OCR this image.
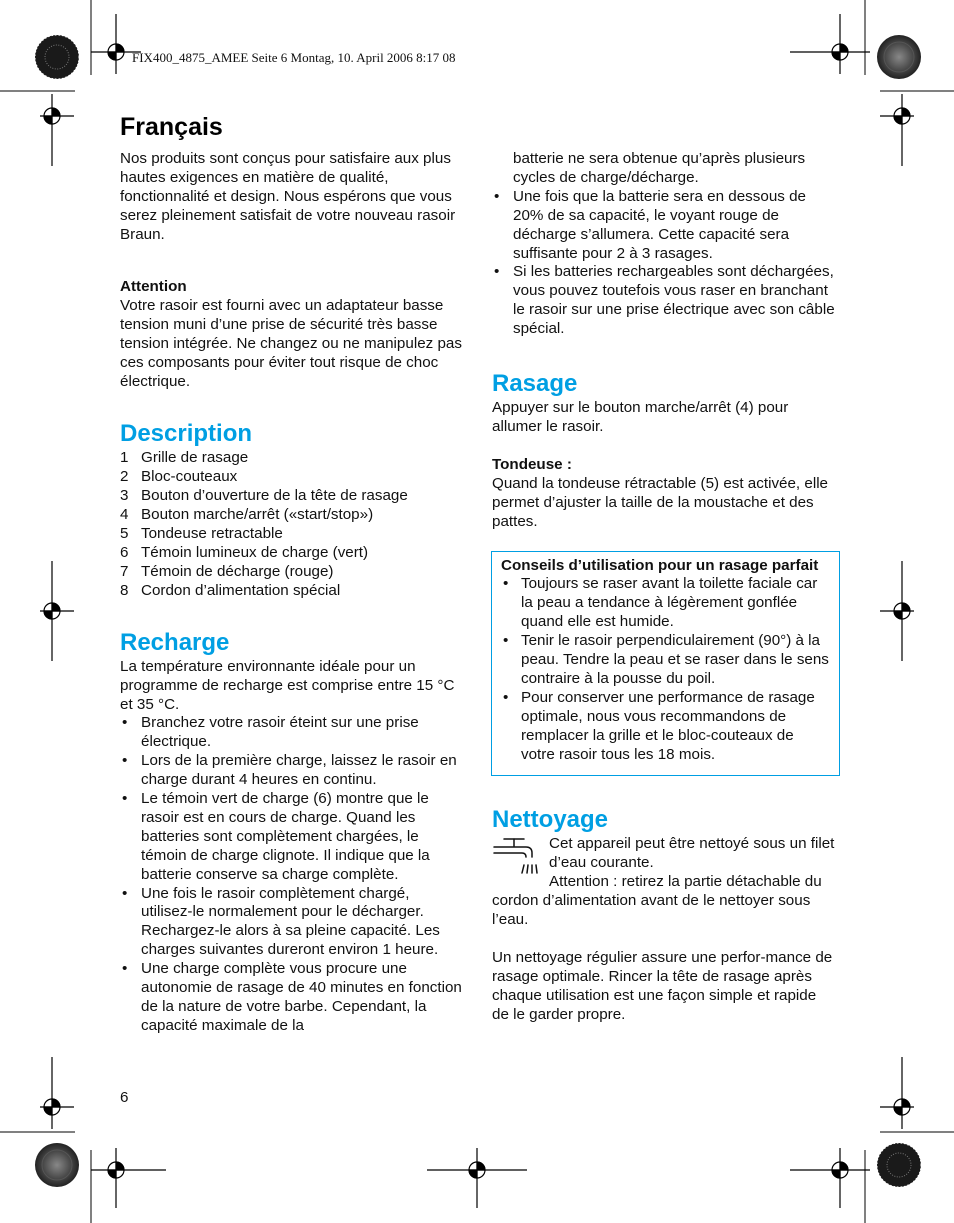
FIX400_4875_AMEE Seite 6 Montag, 10. April 2006 8:17 08
Français

Nos produits sont conçus pour satisfaire aux plus hautes exigences en matière de qualité, fonctionnalité et design. Nous espérons que vous serez pleinement satisfait de votre nouveau rasoir Braun.

Attention

Votre rasoir est fourni avec un adaptateur basse tension muni d’une prise de sécurité très basse tension intégrée. Ne changez ou ne manipulez pas ces composants pour éviter tout risque de choc électrique.

Description
1 Grille de rasage
2 Bloc-couteaux
3 Bouton d’ouverture de la tête de rasage
4 Bouton marche/arrêt («start/stop»)
5 Tondeuse retractable
6 Témoin lumineux de charge (vert)
7 Témoin de décharge (rouge)
8 Cordon d’alimentation spécial
Recharge

La température environnante idéale pour un programme de recharge est comprise entre 15 °C et 35 °C.

• Branchez votre rasoir éteint sur une prise électrique.
• Lors de la première charge, laissez le rasoir en charge durant 4 heures en continu.
• Le témoin vert de charge (6) montre que le rasoir est en cours de charge. Quand les batteries sont complètement chargées, le témoin de charge clignote. Il indique que la batterie conserve sa charge complète.
• Une fois le rasoir complètement chargé, utilisez-le normalement pour le décharger. Rechargez-le alors à sa pleine capacité. Les charges suivantes dureront environ 1 heure.
• Une charge complète vous procure une autonomie de rasage de 40 minutes en fonction de la nature de votre barbe. Cependant, la capacité maximale de la

batterie ne sera obtenue qu’après plusieurs cycles de charge/décharge.

• Une fois que la batterie sera en dessous de 20% de sa capacité, le voyant rouge de décharge s’allumera. Cette capacité sera suffisante pour 2 à 3 rasages.
• Si les batteries rechargeables sont déchargées, vous pouvez toutefois vous raser en branchant le rasoir sur une prise électrique avec son câble spécial.
Rasage

Appuyer sur le bouton marche/arrêt (4) pour allumer le rasoir.

Tondeuse :

Quand la tondeuse rétractable (5) est activée, elle permet d’ajuster la taille de la moustache et des pattes.

Conseils d’utilisation pour un rasage parfait

• Toujours se raser avant la toilette faciale car la peau a tendance à légèrement gonflée quand elle est humide.
• Tenir le rasoir perpendiculairement (90°) à la peau. Tendre la peau et se raser dans le sens contraire à la pousse du poil.
• Pour conserver une performance de rasage optimale, nous vous recommandons de remplacer la grille et le bloc-couteaux de votre rasoir tous les 18 mois.
Nettoyage

Cet appareil peut être nettoyé sous un filet d’eau courante.

Attention : retirez la partie détachable du cordon d’alimentation avant de le nettoyer sous l’eau.

Un nettoyage régulier assure une perfor-mance de rasage optimale. Rincer la tête de rasage après chaque utilisation est une façon simple et rapide de le garder propre.

6
